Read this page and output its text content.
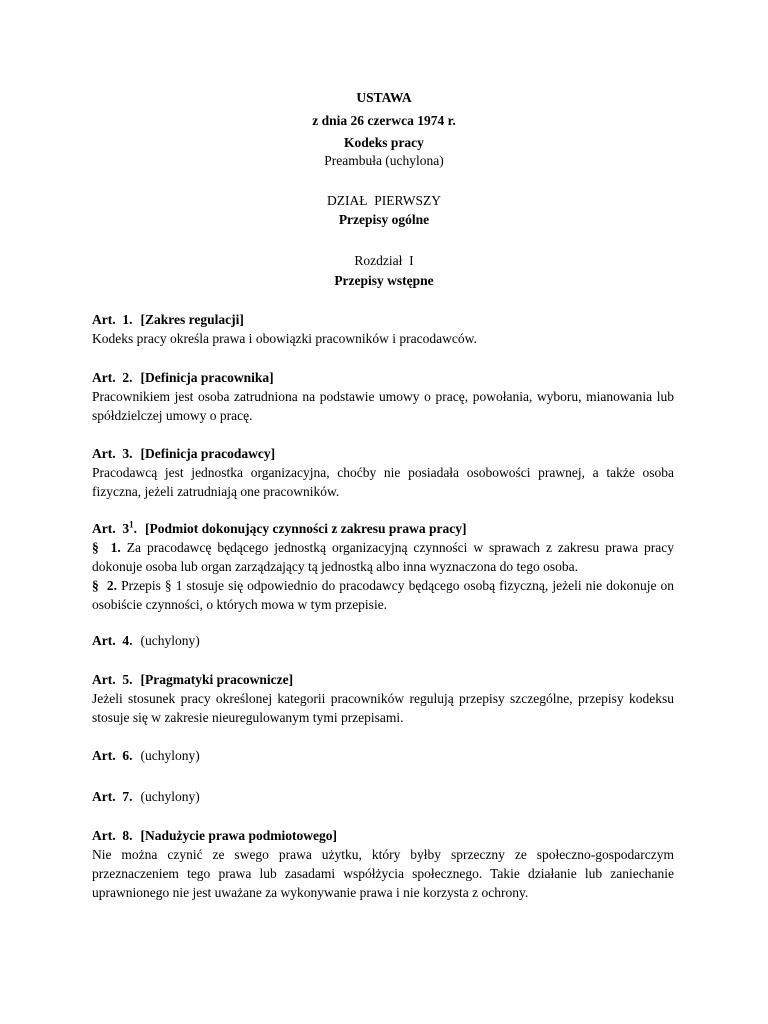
USTAWA
z dnia 26 czerwca 1974 r.
Kodeks pracy
Preambuła (uchylona)
DZIAŁ  PIERWSZY
Przepisy ogólne
Rozdział  I
Przepisy wstępne
Art.  1. [Zakres regulacji]

Kodeks pracy określa prawa i obowiązki pracowników i pracodawców.

Art.  2. [Definicja pracownika]

Pracownikiem jest osoba zatrudniona na podstawie umowy o pracę, powołania, wyboru, mianowania lub spółdzielczej umowy o pracę.

Art.  3. [Definicja pracodawcy]

Pracodawcą jest jednostka organizacyjna, choćby nie posiadała osobowości prawnej, a także osoba fizyczna, jeżeli zatrudniają one pracowników.

Art.  $3^1$. [Podmiot dokonujący czynności z zakresu prawa pracy]

§  1. Za pracodawcę będącego jednostką organizacyjną czynności w sprawach z zakresu prawa pracy dokonuje osoba lub organ zarządzający tą jednostką albo inna wyznaczona do tego osoba.

§  2. Przepis § 1 stosuje się odpowiednio do pracodawcy będącego osobą fizyczną, jeżeli nie dokonuje on osobiście czynności, o których mowa w tym przepisie.

Art.  4. (uchylony)
Art.  5. [Pragmatyki pracownicze]

Jeżeli stosunek pracy określonej kategorii pracowników regulują przepisy szczególne, przepisy kodeksu stosuje się w zakresie nieuregulowanym tymi przepisami.

Art.  6. (uchylony)
Art.  7. (uchylony)
Art.  8. [Nadużycie prawa podmiotowego]

Nie można czynić ze swego prawa użytku, który byłby sprzeczny ze społeczno-gospodarczym przeznaczeniem tego prawa lub zasadami współżycia społecznego. Takie działanie lub zaniechanie uprawnionego nie jest uważane za wykonywanie prawa i nie korzysta z ochrony.
